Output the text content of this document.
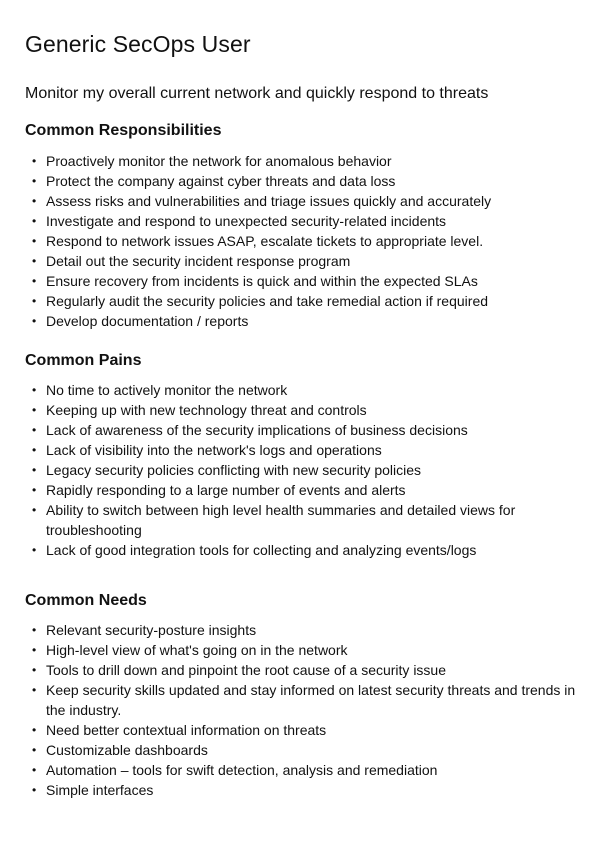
Generic SecOps User

Monitor my overall current network and quickly respond to threats

Common Responsibilities
• Proactively monitor the network for anomalous behavior
• Protect the company against cyber threats and data loss
• Assess risks and vulnerabilities and triage issues quickly and accurately
• Investigate and respond to unexpected security-related incidents
• Respond to network issues ASAP, escalate tickets to appropriate level.
• Detail out the security incident response program
• Ensure recovery from incidents is quick and within the expected SLAs
• Regularly audit the security policies and take remedial action if required
• Develop documentation / reports
Common Pains
• No time to actively monitor the network
• Keeping up with new technology threat and controls
• Lack of awareness of the security implications of business decisions
• Lack of visibility into the network's logs and operations
• Legacy security policies conflicting with new security policies
• Rapidly responding to a large number of events and alerts
• Ability to switch between high level health summaries and detailed views for troubleshooting
• Lack of good integration tools for collecting and analyzing events/logs
Common Needs
• Relevant security-posture insights
• High-level view of what's going on in the network
• Tools to drill down and pinpoint the root cause of a security issue
• Keep security skills updated and stay informed on latest security threats and trends in the industry.
• Need better contextual information on threats
• Customizable dashboards
• Automation – tools for swift detection, analysis and remediation
• Simple interfaces
